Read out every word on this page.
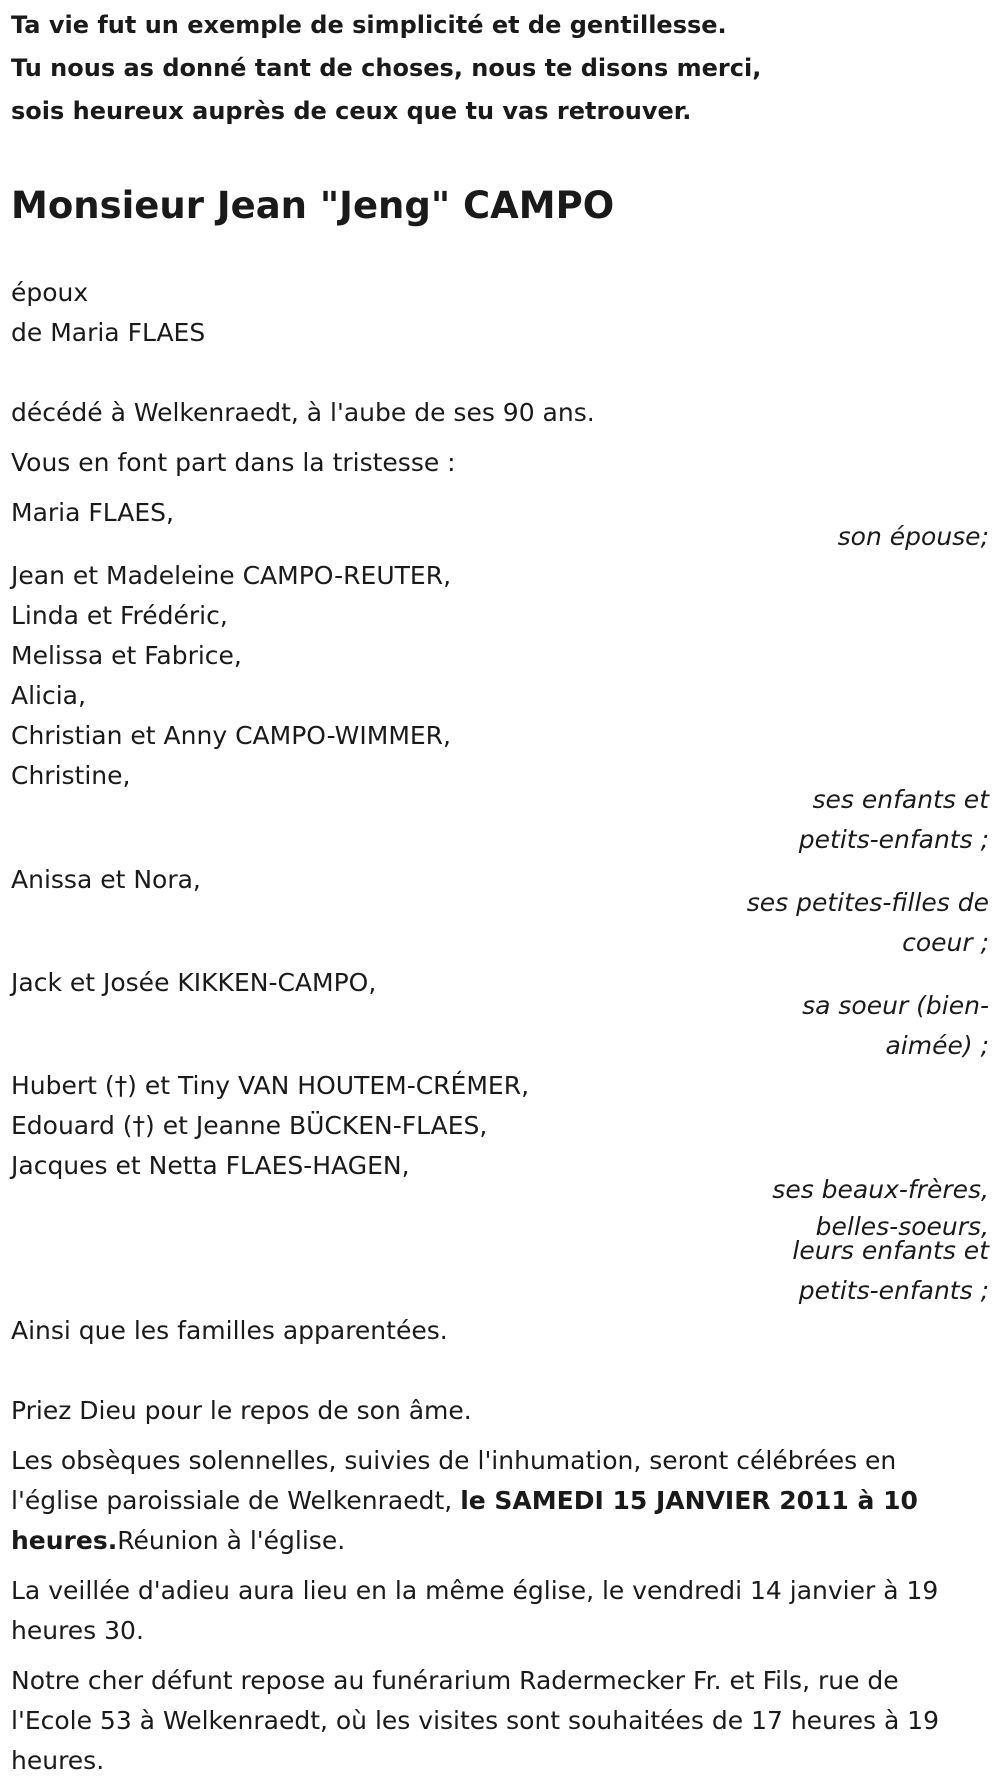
Ta vie fut un exemple de simplicité et de gentillesse.

Tu nous as donné tant de choses, nous te disons merci,

sois heureux auprès de ceux que tu vas retrouver.

Monsieur Jean "Jeng" CAMPO

époux

de Maria FLAES

décédé à Welkenraedt, à l'aube de ses 90 ans.

Vous en font part dans la tristesse :

Maria FLAES,

son épouse;

Jean et Madeleine CAMPO-REUTER,

Linda et Frédéric,

Melissa et Fabrice,

Alicia,

Christian et Anny CAMPO-WIMMER,

Christine,

ses enfants et

petits-enfants ;

Anissa et Nora,

ses petites-filles de

coeur ;

Jack et Josée KIKKEN-CAMPO,

sa soeur (bien-

aimée) ;

Hubert (†) et Tiny VAN HOUTEM-CRÉMER,

Edouard (†) et Jeanne BÜCKEN-FLAES,

Jacques et Netta FLAES-HAGEN,

ses beaux-frères,

belles-soeurs,

leurs enfants et

petits-enfants ;

Ainsi que les familles apparentées.

Priez Dieu pour le repos de son âme.

Les obsèques solennelles, suivies de l'inhumation, seront célébrées en l'église paroissiale de Welkenraedt, le SAMEDI 15 JANVIER 2011 à 10 heures.Réunion à l'église.

La veillée d'adieu aura lieu en la même église, le vendredi 14 janvier à 19 heures 30.

Notre cher défunt repose au funérarium Radermecker Fr. et Fils, rue de l'Ecole 53 à Welkenraedt, où les visites sont souhaitées de 17 heures à 19 heures.
